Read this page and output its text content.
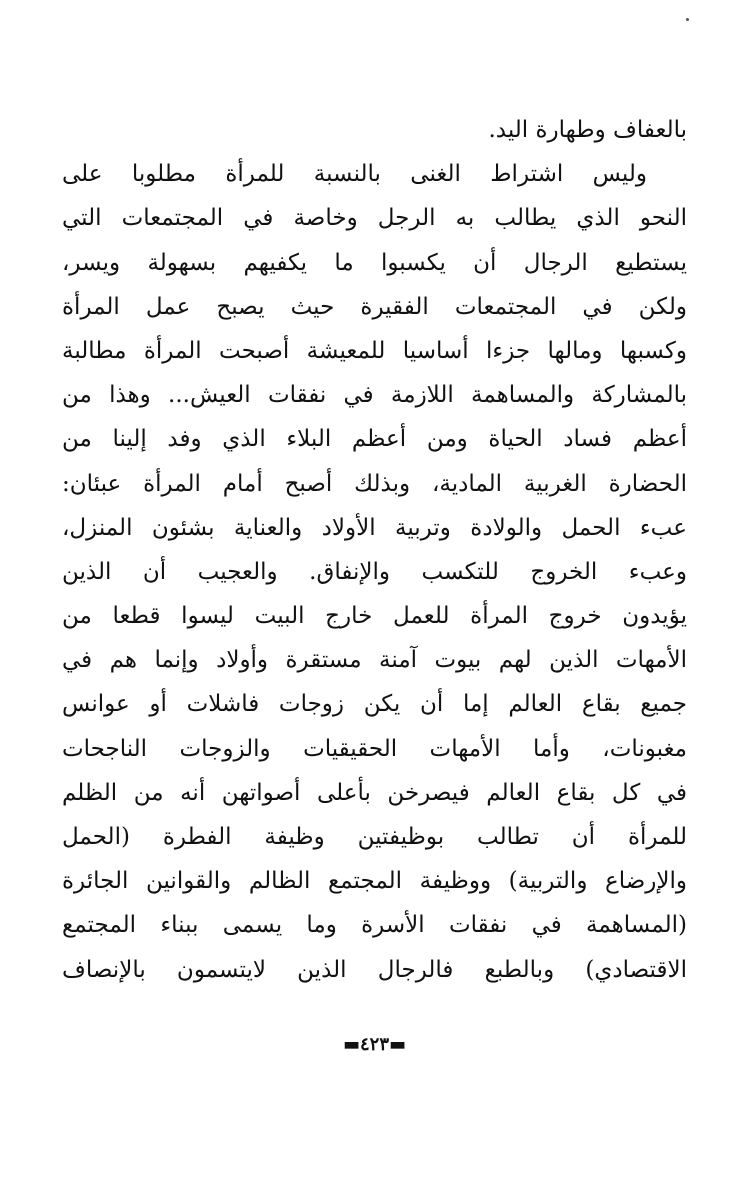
بالعفاف وطهارة اليد.
وليس اشتراط الغنى بالنسبة للمرأة مطلوبا على
النحو الذي يطالب به الرجل وخاصة في المجتمعات التي
يستطيع الرجال أن يكسبوا ما يكفيهم بسهولة ويسر،
ولكن في المجتمعات الفقيرة حيث يصبح عمل المرأة
وكسبها ومالها جزءا أساسيا للمعيشة أصبحت المرأة مطالبة
بالمشاركة والمساهمة اللازمة في نفقات العيش... وهذا من
أعظم فساد الحياة ومن أعظم البلاء الذي وفد إلينا من
الحضارة الغربية المادية، وبذلك أصبح أمام المرأة عبئان:
عبء الحمل والولادة وتربية الأولاد والعناية بشئون المنزل،
وعبء الخروج للتكسب والإنفاق. والعجيب أن الذين
يؤيدون خروج المرأة للعمل خارج البيت ليسوا قطعا من
الأمهات الذين لهم بيوت آمنة مستقرة وأولاد وإنما هم في
جميع بقاع العالم إما أن يكن زوجات فاشلات أو عوانس
مغبونات، وأما الأمهات الحقيقيات والزوجات الناجحات
في كل بقاع العالم فيصرخن بأعلى أصواتهن أنه من الظلم
للمرأة أن تطالب بوظيفتين وظيفة الفطرة (الحمل
والإرضاع والتربية) ووظيفة المجتمع الظالم والقوانين الجائرة
(المساهمة في نفقات الأسرة وما يسمى ببناء المجتمع
الاقتصادي) وبالطبع فالرجال الذين لايتسمون بالإنصاف
▬٤٢٣▬
